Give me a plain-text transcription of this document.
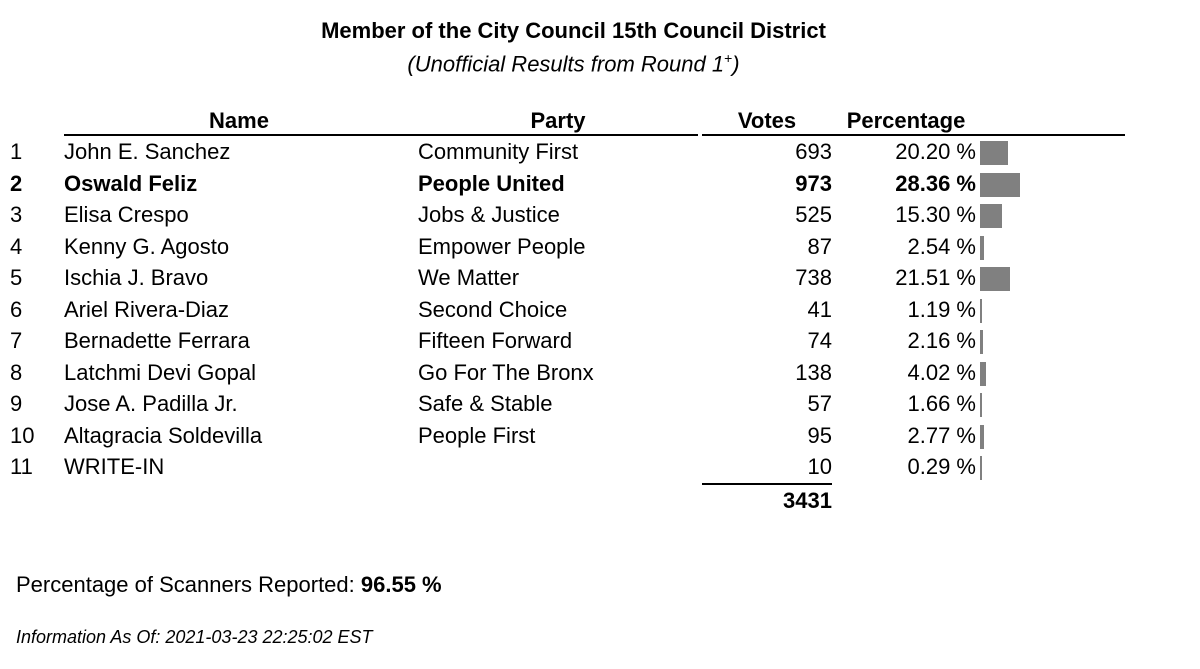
Member of the City Council 15th Council District
(Unofficial Results from Round 1+)
	Name		Party		Votes		Percentage		
1	John E. Sanchez		Community First		693		20.20 %		
2	Oswald Feliz		People United		973		28.36 %		
3	Elisa Crespo		Jobs & Justice		525		15.30 %		
4	Kenny G. Agosto		Empower People		87		2.54 %		
5	Ischia J. Bravo		We Matter		738		21.51 %		
6	Ariel Rivera-Diaz		Second Choice		41		1.19 %		
7	Bernadette Ferrara		Fifteen Forward		74		2.16 %		
8	Latchmi Devi Gopal		Go For The Bronx		138		4.02 %		
9	Jose A. Padilla Jr.		Safe & Stable		57		1.66 %		
10	Altagracia Soldevilla		People First		95		2.77 %		
11	WRITE-IN				10		0.29 %		
					3431				
Percentage of Scanners Reported: 96.55 %
Information As Of: 2021-03-23 22:25:02 EST
